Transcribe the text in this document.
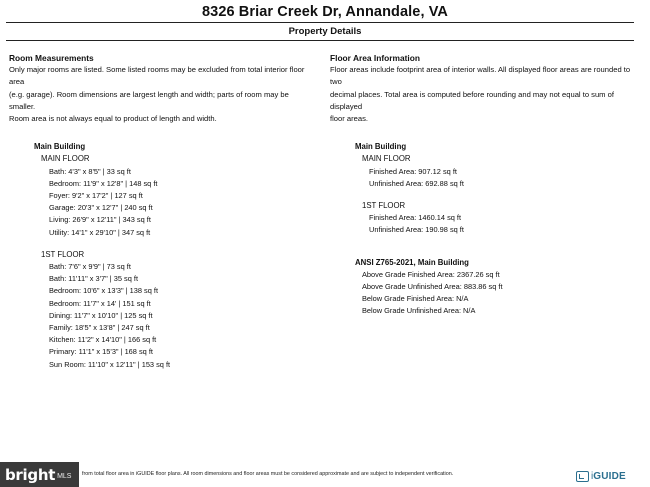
8326 Briar Creek Dr, Annandale, VA
Property Details
Room Measurements
Only major rooms are listed. Some listed rooms may be excluded from total interior floor area
(e.g. garage). Room dimensions are largest length and width; parts of room may be smaller.
Room area is not always equal to product of length and width.
Main Building
MAIN FLOOR
Bath: 4'3" x 8'5" | 33 sq ft
Bedroom: 11'9" x 12'8" | 148 sq ft
Foyer: 9'2" x 17'2" | 127 sq ft
Garage: 20'3" x 12'7" | 240 sq ft
Living: 26'9" x 12'11" | 343 sq ft
Utility: 14'1" x 29'10" | 347 sq ft
1ST FLOOR
Bath: 7'6" x 9'9" | 73 sq ft
Bath: 11'11" x 3'7" | 35 sq ft
Bedroom: 10'6" x 13'3" | 138 sq ft
Bedroom: 11'7" x 14' | 151 sq ft
Dining: 11'7" x 10'10" | 125 sq ft
Family: 18'5" x 13'8" | 247 sq ft
Kitchen: 11'2" x 14'10" | 166 sq ft
Primary: 11'1" x 15'3" | 168 sq ft
Sun Room: 11'10" x 12'11" | 153 sq ft
Floor Area Information
Floor areas include footprint area of interior walls. All displayed floor areas are rounded to two
decimal places. Total area is computed before rounding and may not equal to sum of displayed
floor areas.
Main Building
MAIN FLOOR
Finished Area: 907.12 sq ft
Unfinished Area: 692.88 sq ft
1ST FLOOR
Finished Area: 1460.14 sq ft
Unfinished Area: 190.98 sq ft
ANSI Z765-2021, Main Building
Above Grade Finished Area: 2367.26 sq ft
Above Grade Unfinished Area: 883.86 sq ft
Below Grade Finished Area: N/A
Below Grade Unfinished Area: N/A
bright MLS from total floor area in iGUIDE floor plans. All room dimensions and floor areas must be considered approximate and are subject to independent verification.	i GUIDE
